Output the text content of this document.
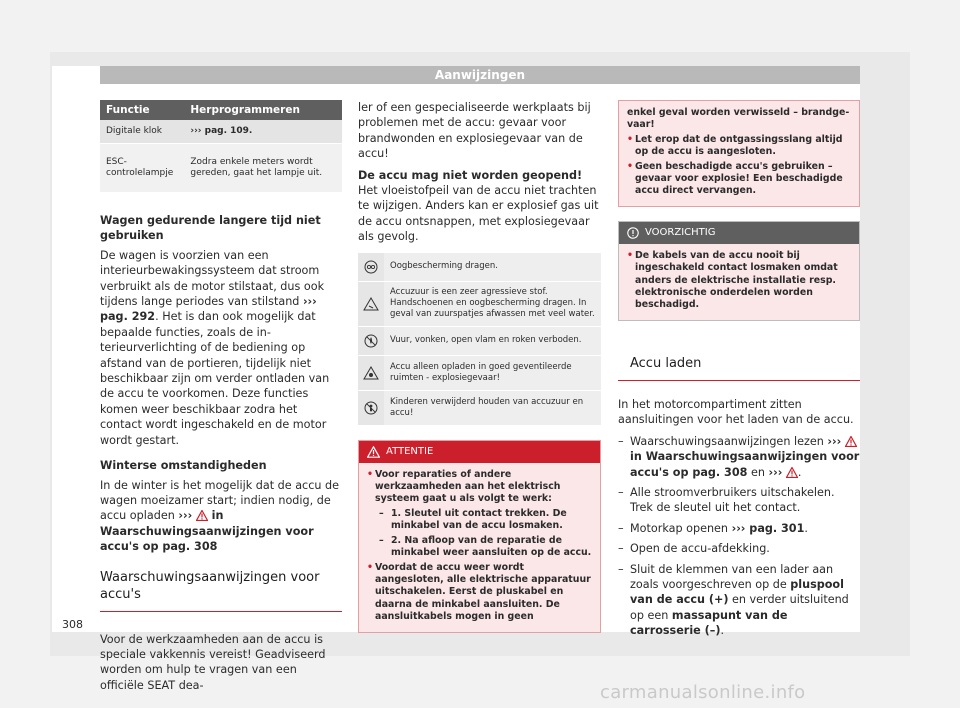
Aanwijzingen
Functie	Herprogrammeren
Digitale klok	››› pag. 109.
ESC-controlelampje	Zodra enkele meters wordt gereden, gaat het lampje uit.

Wagen gedurende langere tijd niet gebruiken

De wagen is voorzien van een interieurbewakingssysteem dat stroom verbruikt als de motor stilstaat, dus ook tijdens lange periodes van stilstand ››› pag. 292. Het is dan ook mogelijk dat bepaalde functies, zoals de interieurverlichting of de bediening op afstand van de portieren, tijdelijk niet beschikbaar zijn om verder ontladen van de accu te voorkomen. Deze functies komen weer beschikbaar zodra het contact wordt ingeschakeld en de motor wordt gestart.

Winterse omstandigheden

In de winter is het mogelijk dat de accu de wagen moeizamer start; indien nodig, de accu opladen ›››
in Waarschuwingsaanwijzingen voor accu's op pag. 308

Waarschuwingsaanwijzingen voor accu's

Voor de werkzaamheden aan de accu is speciale vakkennis vereist! Geadviseerd worden om hulp te vragen van een officiële SEAT dea-

ler of een gespecialiseerde werkplaats bij problemen met de accu: gevaar voor brandwonden en explosiegevaar van de accu!

De accu mag niet worden geopend! Het vloeistofpeil van de accu niet trachten te wijzigen. Anders kan er explosief gas uit de accu ontsnappen, met explosiegevaar als gevolg.

Oogbescherming dragen.
Accuzuur is een zeer agressieve stof. Handschoenen en oogbescherming dragen. In geval van zuurspatjes afwassen met veel water.
Vuur, vonken, open vlam en roken verboden.
Accu alleen opladen in goed geventileerde ruimten - explosiegevaar!
Kinderen verwijderd houden van accuzuur en accu!
ATTENTIE
• Voor reparaties of andere werkzaamheden aan het elektrisch systeem gaat u als volgt te werk:
– 1. Sleutel uit contact trekken. De minkabel van de accu losmaken.
– 2. Na afloop van de reparatie de minkabel weer aansluiten op de accu.
• Voordat de accu weer wordt aangesloten, alle elektrische apparatuur uitschakelen. Eerst de pluskabel en daarna de minkabel aansluiten. De aansluitkabels mogen in geen
enkel geval worden verwisseld – brandgevaar!
• Let erop dat de ontgassingsslang altijd op de accu is aangesloten.
• Geen beschadigde accu's gebruiken – gevaar voor explosie! Een beschadigde accu direct vervangen.
VOORZICHTIG
• De kabels van de accu nooit bij ingeschakeld contact losmaken omdat anders de elektrische installatie resp. elektronische onderdelen worden beschadigd.
Accu laden

In het motorcompartiment zitten aansluitingen voor het laden van de accu.

– Waarschuwingsaanwijzingen lezen ›››
in Waarschuwingsaanwijzingen voor accu's op pag. 308 en ››› .
– Alle stroomverbruikers uitschakelen. Trek de sleutel uit het contact.
– Motorkap openen ››› pag. 301.
– Open de accu-afdekking.
– Sluit de klemmen van een lader aan zoals voorgeschreven op de pluspool van de accu (+) en verder uitsluitend op een massapunt van de carrosserie (–).
308
carmanualsonline.info
